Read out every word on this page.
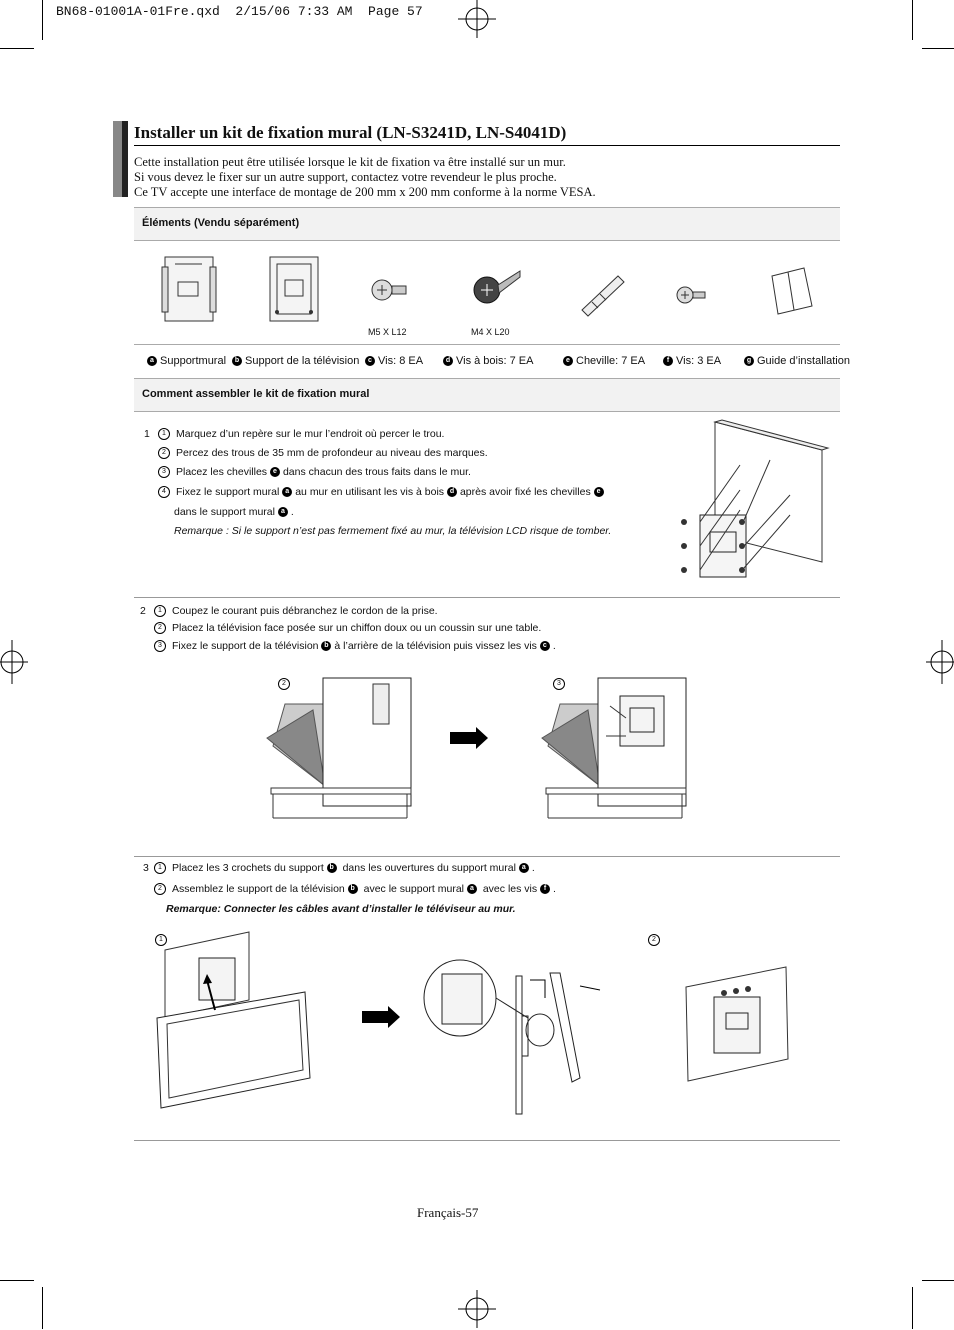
BN68-01001A-01Fre.qxd  2/15/06 7:33 AM  Page 57
Installer un kit de fixation mural (LN-S3241D, LN-S4041D)
Cette installation peut être utilisée lorsque le kit de fixation va être installé sur un mur.
Si vous devez le fixer sur un autre support, contactez votre revendeur le plus proche.
Ce TV accepte une interface de montage de 200 mm x 200 mm conforme à la norme VESA.
Éléments (Vendu séparément)
M5 X L12	M4 X L20
a Supportmural	b Support de la télévision	c Vis: 8 EA	d Vis à bois: 7 EA	e Cheville: 7 EA	f Vis: 3 EA	g Guide d’installation
Comment assembler le kit de fixation mural
1	1 Marquez d’un repère sur le mur l’endroit où percer le trou.
2 Percez des trous de 35 mm de profondeur au niveau des marques.
3 Placez les chevilles e dans chacun des trous faits dans le mur.
4 Fixez le support mural a au mur en utilisant les vis à bois d après avoir fixé les chevilles e
dans le support mural a .
Remarque : Si le support n’est pas fermement fixé au mur, la télévision LCD risque de tomber.
2	1 Coupez le courant puis débranchez le cordon de la prise.
2 Placez la télévision face posée sur un chiffon doux ou un coussin sur une table.
3 Fixez le support de la télévision b à l’arrière de la télévision puis vissez les vis c .
2	3
3	1 Placez les 3 crochets du support b dans les ouvertures du support mural a .
2 Assemblez le support de la télévision b avec le support mural a avec les vis f .
Remarque: Connecter les câbles avant d’installer le téléviseur au mur.
1	2
Français-57
